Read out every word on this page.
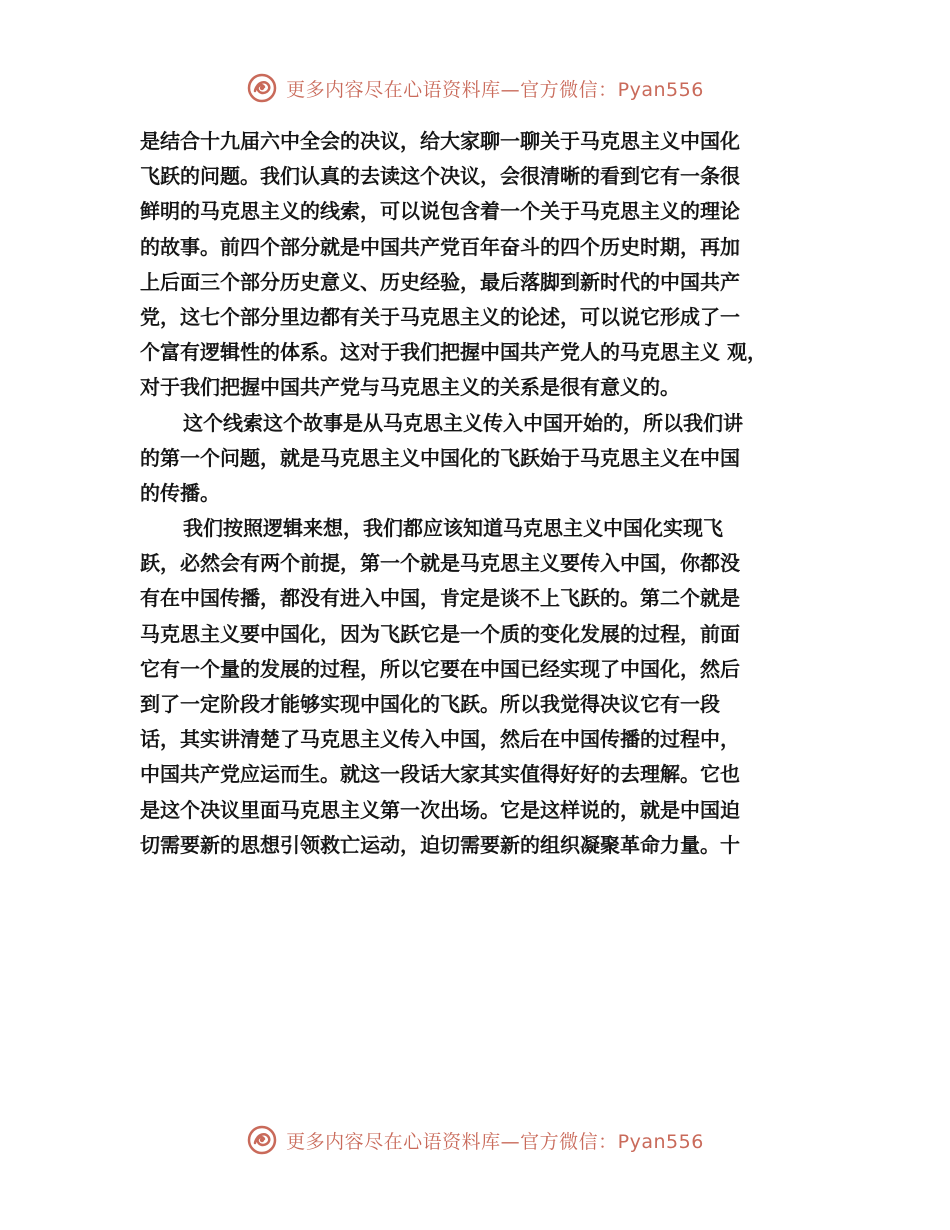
更多内容尽在心语资料库—官方微信：Pyan556
是结合十九届六中全会的决议，给大家聊一聊关于马克思主义中国化
飞跃的问题。我们认真的去读这个决议，会很清晰的看到它有一条很
鲜明的马克思主义的线索，可以说包含着一个关于马克思主义的理论
的故事。前四个部分就是中国共产党百年奋斗的四个历史时期，再加
上后面三个部分历史意义、历史经验，最后落脚到新时代的中国共产
党，这七个部分里边都有关于马克思主义的论述，可以说它形成了一
个富有逻辑性的体系。这对于我们把握中国共产党人的马克思主义 观，
对于我们把握中国共产党与马克思主义的关系是很有意义的。
这个线索这个故事是从马克思主义传入中国开始的，所以我们讲
的第一个问题，就是马克思主义中国化的飞跃始于马克思主义在中国
的传播。
我们按照逻辑来想，我们都应该知道马克思主义中国化实现飞
跃，必然会有两个前提，第一个就是马克思主义要传入中国，你都没
有在中国传播，都没有进入中国，肯定是谈不上飞跃的。第二个就是
马克思主义要中国化，因为飞跃它是一个质的变化发展的过程，前面
它有一个量的发展的过程，所以它要在中国已经实现了中国化，然后
到了一定阶段才能够实现中国化的飞跃。所以我觉得决议它有一段
话，其实讲清楚了马克思主义传入中国，然后在中国传播的过程中，
中国共产党应运而生。就这一段话大家其实值得好好的去理解。它也
是这个决议里面马克思主义第一次出场。它是这样说的，就是中国迫
切需要新的思想引领救亡运动，迫切需要新的组织凝聚革命力量。十
更多内容尽在心语资料库—官方微信：Pyan556
